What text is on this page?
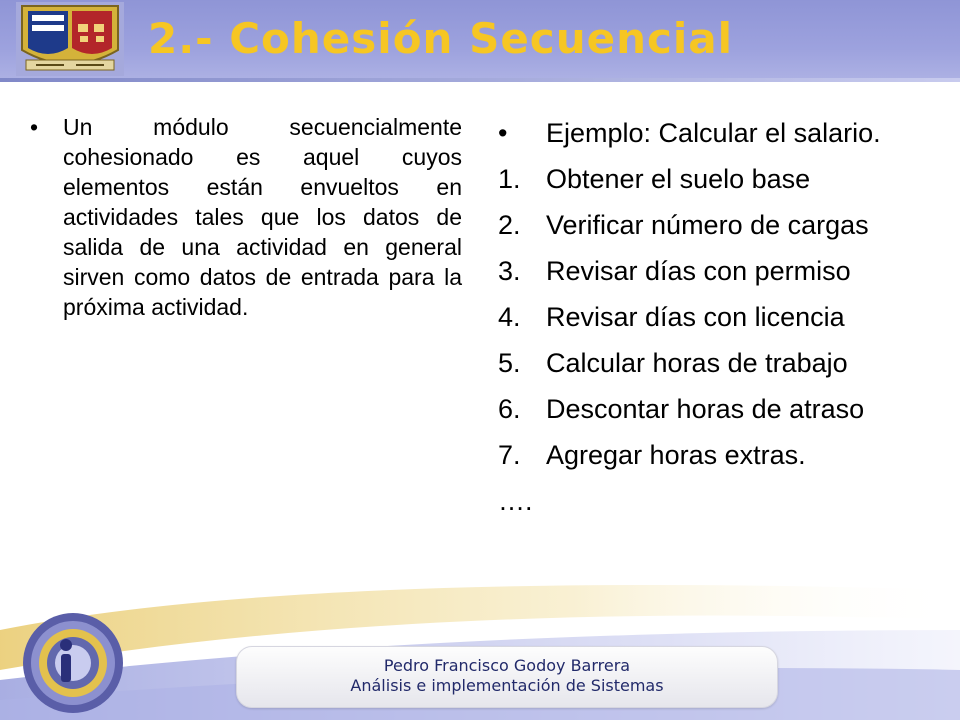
2.- Cohesión Secuencial
• Un módulo secuencialmente cohesionado es aquel cuyos elementos están envueltos en actividades tales que los datos de salida de una actividad en general sirven como datos de entrada para la próxima actividad.
• Ejemplo: Calcular el salario.
1. Obtener el suelo base
2. Verificar número de cargas
3. Revisar días con permiso
4. Revisar días con licencia
5. Calcular horas de trabajo
6. Descontar horas de atraso
7. Agregar horas extras.
….
Pedro Francisco Godoy Barrera
Análisis e implementación de Sistemas
